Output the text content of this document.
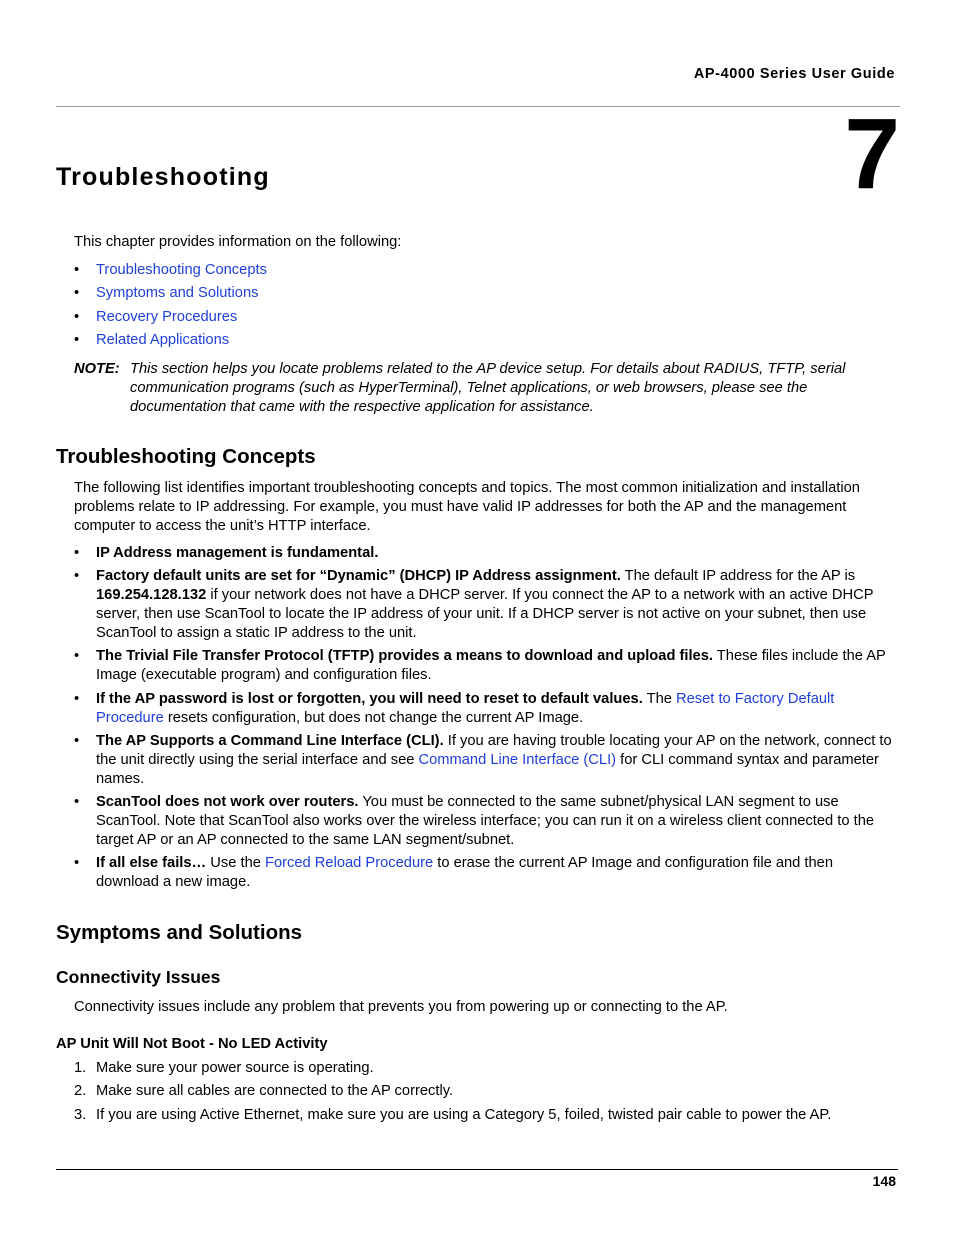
AP-4000 Series User Guide
7
Troubleshooting
This chapter provides information on the following:
• Troubleshooting Concepts
• Symptoms and Solutions
• Recovery Procedures
• Related Applications
NOTE: This section helps you locate problems related to the AP device setup. For details about RADIUS, TFTP, serial communication programs (such as HyperTerminal), Telnet applications, or web browsers, please see the documentation that came with the respective application for assistance.
Troubleshooting Concepts
The following list identifies important troubleshooting concepts and topics. The most common initialization and installation problems relate to IP addressing. For example, you must have valid IP addresses for both the AP and the management computer to access the unit’s HTTP interface.
• IP Address management is fundamental.
• Factory default units are set for “Dynamic” (DHCP) IP Address assignment. The default IP address for the AP is 169.254.128.132 if your network does not have a DHCP server. If you connect the AP to a network with an active DHCP server, then use ScanTool to locate the IP address of your unit. If a DHCP server is not active on your subnet, then use ScanTool to assign a static IP address to the unit.
• The Trivial File Transfer Protocol (TFTP) provides a means to download and upload files. These files include the AP Image (executable program) and configuration files.
• If the AP password is lost or forgotten, you will need to reset to default values. The Reset to Factory Default Procedure resets configuration, but does not change the current AP Image.
• The AP Supports a Command Line Interface (CLI). If you are having trouble locating your AP on the network, connect to the unit directly using the serial interface and see Command Line Interface (CLI) for CLI command syntax and parameter names.
• ScanTool does not work over routers. You must be connected to the same subnet/physical LAN segment to use ScanTool. Note that ScanTool also works over the wireless interface; you can run it on a wireless client connected to the target AP or an AP connected to the same LAN segment/subnet.
• If all else fails… Use the Forced Reload Procedure to erase the current AP Image and configuration file and then download a new image.
Symptoms and Solutions
Connectivity Issues
Connectivity issues include any problem that prevents you from powering up or connecting to the AP.
AP Unit Will Not Boot - No LED Activity
1. Make sure your power source is operating.
2. Make sure all cables are connected to the AP correctly.
3. If you are using Active Ethernet, make sure you are using a Category 5, foiled, twisted pair cable to power the AP.
148
